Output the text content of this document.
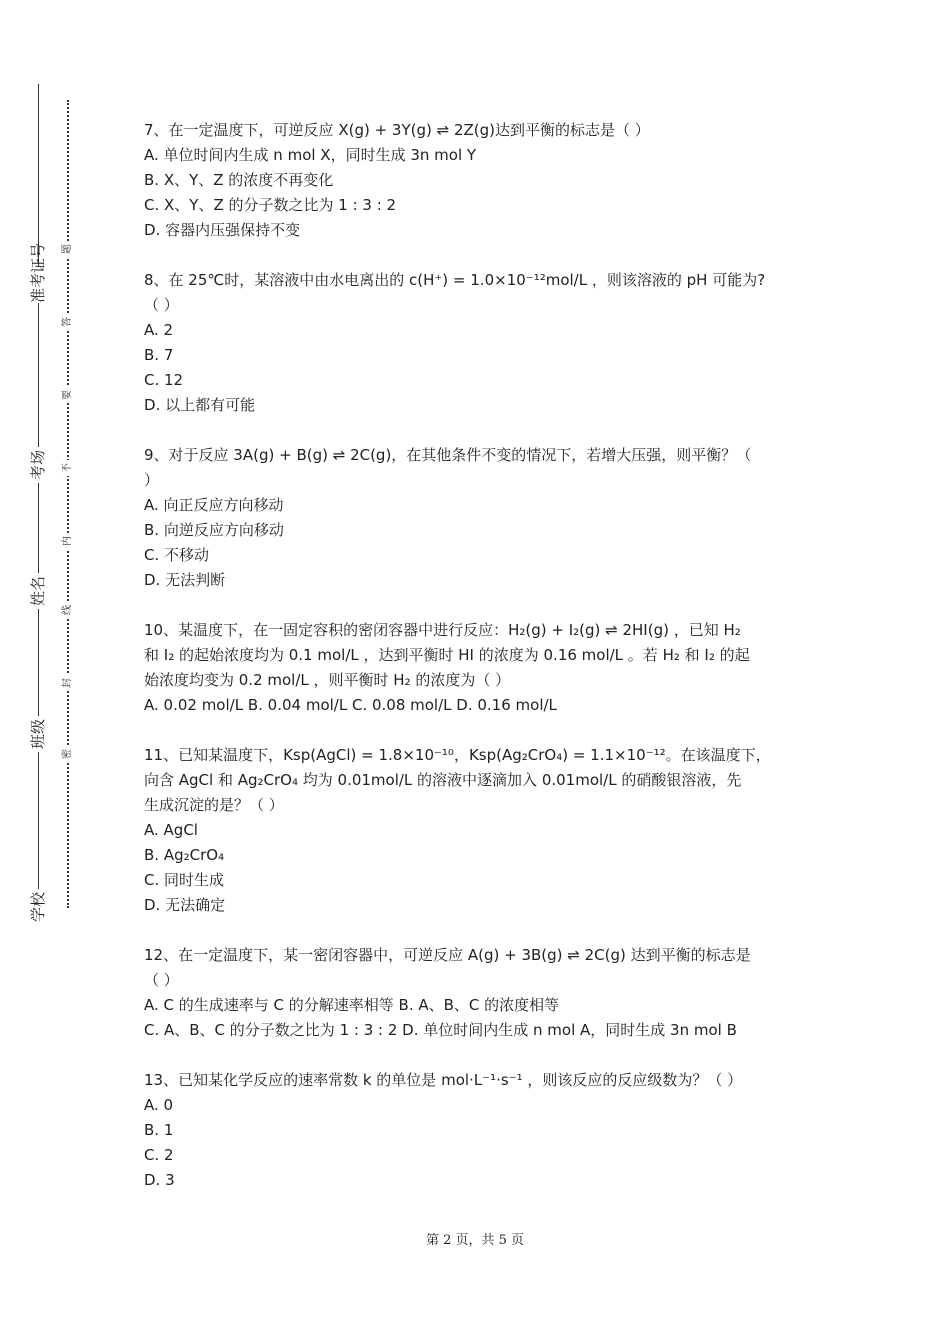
准考证号
考场
姓名
班级
学校
题
答
要
不
内
线
封
密
7、在一定温度下，可逆反应 X(g) + 3Y(g) ⇌ 2Z(g)达到平衡的标志是（ ）
A. 单位时间内生成 n mol X，同时生成 3n mol Y
B. X、Y、Z 的浓度不再变化
C. X、Y、Z 的分子数之比为 1 : 3 : 2
D. 容器内压强保持不变
8、在 25℃时，某溶液中由水电离出的 c(H⁺) = 1.0×10⁻¹²mol/L ，则该溶液的 pH 可能为?
（ ）
A. 2
B. 7
C. 12
D. 以上都有可能
9、对于反应 3A(g) + B(g) ⇌ 2C(g)，在其他条件不变的情况下，若增大压强，则平衡？（
）
A. 向正反应方向移动
B. 向逆反应方向移动
C. 不移动
D. 无法判断
10、某温度下，在一固定容积的密闭容器中进行反应：H₂(g) + I₂(g) ⇌ 2HI(g) ，已知 H₂
和 I₂ 的起始浓度均为 0.1 mol/L ，达到平衡时 HI 的浓度为 0.16 mol/L 。若 H₂ 和 I₂ 的起
始浓度均变为 0.2 mol/L ，则平衡时 H₂ 的浓度为（ ）
A. 0.02 mol/L B. 0.04 mol/L C. 0.08 mol/L D. 0.16 mol/L
11、已知某温度下，Ksp(AgCl) = 1.8×10⁻¹⁰，Ksp(Ag₂CrO₄) = 1.1×10⁻¹²。在该温度下，
向含 AgCl 和 Ag₂CrO₄ 均为 0.01mol/L 的溶液中逐滴加入 0.01mol/L 的硝酸银溶液，先
生成沉淀的是？（ ）
A. AgCl
B. Ag₂CrO₄
C. 同时生成
D. 无法确定
12、在一定温度下，某一密闭容器中，可逆反应 A(g) + 3B(g) ⇌ 2C(g) 达到平衡的标志是
（ ）
A. C 的生成速率与 C 的分解速率相等 B. A、B、C 的浓度相等
C. A、B、C 的分子数之比为 1 : 3 : 2 D. 单位时间内生成 n mol A，同时生成 3n mol B
13、已知某化学反应的速率常数 k 的单位是 mol·L⁻¹·s⁻¹ ，则该反应的反应级数为？（ ）
A. 0
B. 1
C. 2
D. 3
第 2 页，共 5 页
